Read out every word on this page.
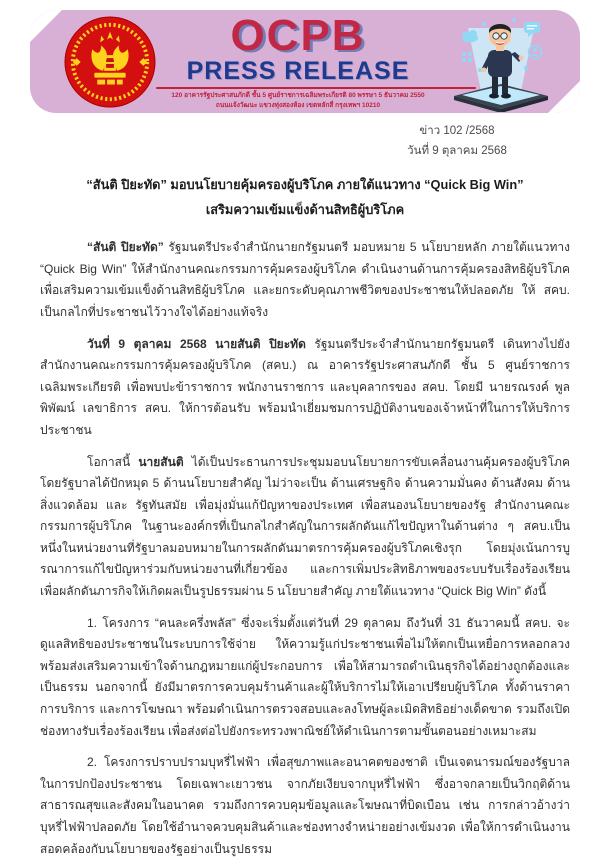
OCPB
PRESS RELEASE
120 อาคารรัฐประศาสนภักดี ชั้น 5 ศูนย์ราชการเฉลิมพระเกียรติ 80 พรรษา 5 ธันวาคม 2550
ถนนแจ้งวัฒนะ แขวงทุ่งสองห้อง เขตหลักสี่ กรุงเทพฯ 10210
ข่าว 102 /2568
วันที่ 9 ตุลาคม 2568
“สันติ ปิยะทัด” มอบนโยบายคุ้มครองผู้บริโภค ภายใต้แนวทาง “Quick Big Win”
เสริมความเข้มแข็งด้านสิทธิผู้บริโภค

“สันติ ปิยะทัด” รัฐมนตรีประจำสำนักนายกรัฐมนตรี มอบหมาย 5 นโยบายหลัก ภายใต้แนวทาง “Quick Big Win” ให้สำนักงานคณะกรรมการคุ้มครองผู้บริโภค ดำเนินงานด้านการคุ้มครองสิทธิผู้บริโภค เพื่อเสริมความเข้มแข็งด้านสิทธิผู้บริโภค และยกระดับคุณภาพชีวิตของประชาชนให้ปลอดภัย ให้ สคบ. เป็นกลไกที่ประชาชนไว้วางใจได้อย่างแท้จริง

วันที่ 9 ตุลาคม 2568 นายสันติ ปิยะทัด รัฐมนตรีประจำสำนักนายกรัฐมนตรี เดินทางไปยังสำนักงานคณะกรรมการคุ้มครองผู้บริโภค (สคบ.) ณ อาคารรัฐประศาสนภักดี ชั้น 5 ศูนย์ราชการเฉลิมพระเกียรติ เพื่อพบปะข้าราชการ พนักงานราชการ และบุคลากรของ สคบ. โดยมี นายรณรงค์ พูลพิพัฒน์ เลขาธิการ สคบ. ให้การต้อนรับ พร้อมนำเยี่ยมชมการปฏิบัติงานของเจ้าหน้าที่ในการให้บริการประชาชน

โอกาสนี้ นายสันติ ได้เป็นประธานการประชุมมอบนโยบายการขับเคลื่อนงานคุ้มครองผู้บริโภค โดยรัฐบาลได้ปักหมุด 5 ด้านนโยบายสำคัญ ไม่ว่าจะเป็น ด้านเศรษฐกิจ ด้านความมั่นคง ด้านสังคม ด้านสิ่งแวดล้อม และ รัฐทันสมัย เพื่อมุ่งมั่นแก้ปัญหาของประเทศ เพื่อสนองนโยบายของรัฐ สำนักงานคณะกรรมการผู้บริโภค ในฐานะองค์กรที่เป็นกลไกสำคัญในการผลักดันแก้ไขปัญหาในด้านต่าง ๆ สคบ.เป็นหนึ่งในหน่วยงานที่รัฐบาลมอบหมายในการผลักดันมาตรการคุ้มครองผู้บริโภคเชิงรุก โดยมุ่งเน้นการบูรณาการแก้ไขปัญหาร่วมกับหน่วยงานที่เกี่ยวข้อง และการเพิ่มประสิทธิภาพของระบบรับเรื่องร้องเรียน เพื่อผลักดันภารกิจให้เกิดผลเป็นรูปธรรมผ่าน 5 นโยบายสำคัญ ภายใต้แนวทาง “Quick Big Win” ดังนี้

1. โครงการ “คนละครึ่งพลัส” ซึ่งจะเริ่มตั้งแต่วันที่ 29 ตุลาคม ถึงวันที่ 31 ธันวาคมนี้ สคบ. จะดูแลสิทธิของประชาชนในระบบการใช้จ่าย ให้ความรู้แก่ประชาชนเพื่อไม่ให้ตกเป็นเหยื่อการหลอกลวง พร้อมส่งเสริมความเข้าใจด้านกฎหมายแก่ผู้ประกอบการ เพื่อให้สามารถดำเนินธุรกิจได้อย่างถูกต้องและเป็นธรรม นอกจากนี้ ยังมีมาตรการควบคุมร้านค้าและผู้ให้บริการไม่ให้เอาเปรียบผู้บริโภค ทั้งด้านราคา การบริการ และการโฆษณา พร้อมดำเนินการตรวจสอบและลงโทษผู้ละเมิดสิทธิอย่างเด็ดขาด รวมถึงเปิดช่องทางรับเรื่องร้องเรียน เพื่อส่งต่อไปยังกระทรวงพาณิชย์ให้ดำเนินการตามขั้นตอนอย่างเหมาะสม

2. โครงการปราบปรามบุหรี่ไฟฟ้า เพื่อสุขภาพและอนาคตของชาติ เป็นเจตนารมณ์ของรัฐบาลในการปกป้องประชาชน โดยเฉพาะเยาวชน จากภัยเงียบจากบุหรี่ไฟฟ้า ซึ่งอาจกลายเป็นวิกฤติด้านสาธารณสุขและสังคมในอนาคต รวมถึงการควบคุมข้อมูลและโฆษณาที่บิดเบือน เช่น การกล่าวอ้างว่าบุหรี่ไฟฟ้าปลอดภัย โดยใช้อำนาจควบคุมสินค้าและช่องทางจำหน่ายอย่างเข้มงวด เพื่อให้การดำเนินงานสอดคล้องกับนโยบายของรัฐอย่างเป็นรูปธรรม
